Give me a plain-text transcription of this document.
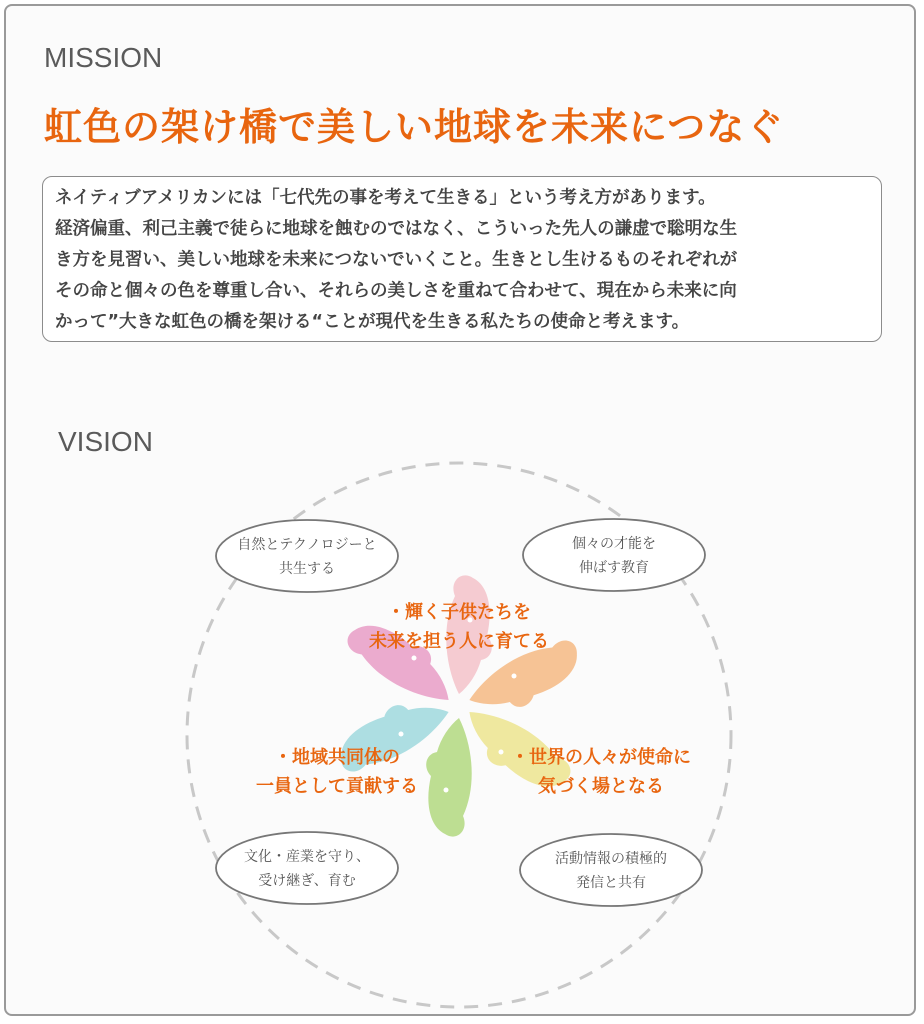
MISSION
虹色の架け橋で美しい地球を未来につなぐ
ネイティブアメリカンには「七代先の事を考えて生きる」という考え方があります。
経済偏重、利己主義で徒らに地球を蝕むのではなく、こういった先人の謙虚で聡明な生
き方を見習い、美しい地球を未来につないでいくこと。生きとし生けるものそれぞれが
その命と個々の色を尊重し合い、それらの美しさを重ねて合わせて、現在から未来に向
かって”大きな虹色の橋を架ける“ことが現代を生きる私たちの使命と考えます。
VISION
自然とテクノロジーと
共生する
個々の才能を
伸ばす教育
文化・産業を守り、
受け継ぎ、育む
活動情報の積極的
発信と共有
・輝く子供たちを
未来を担う人に育てる
・地域共同体の
一員として貢献する
・世界の人々が使命に
気づく場となる
